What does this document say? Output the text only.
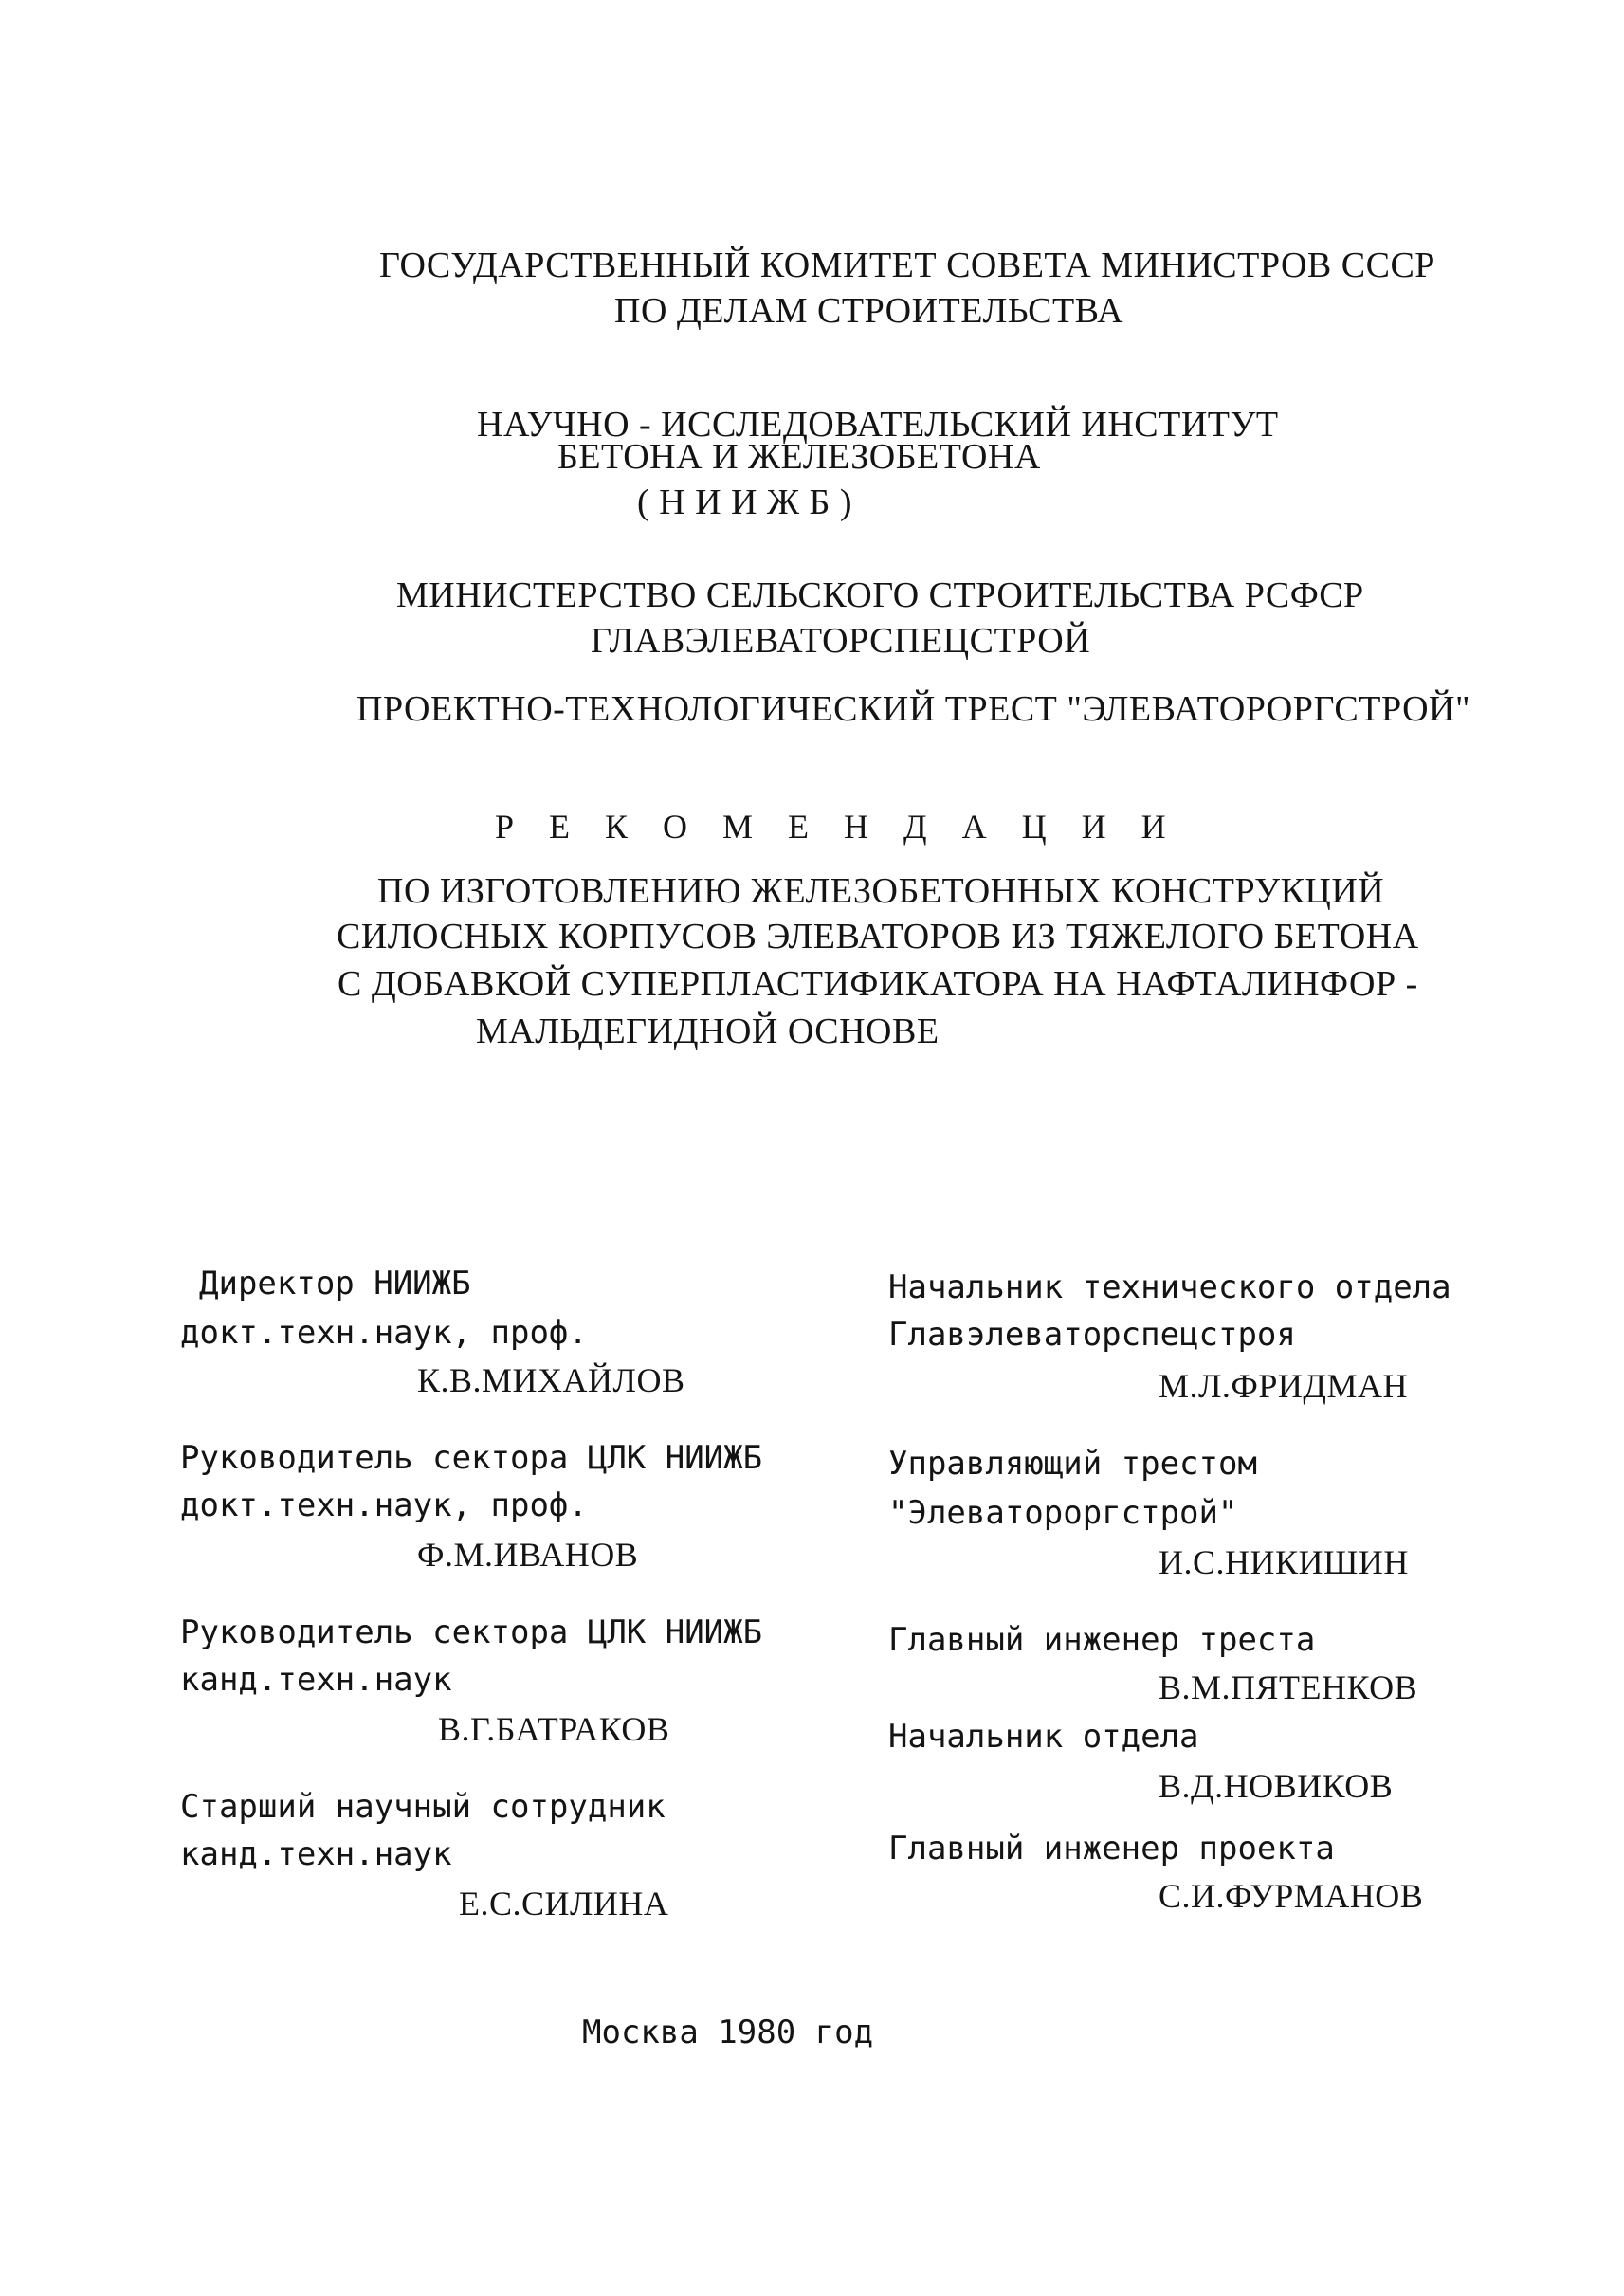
ГОСУДАРСТВЕННЫЙ КОМИТЕТ СОВЕТА МИНИСТРОВ СССР
ПО ДЕЛАМ СТРОИТЕЛЬСТВА
НАУЧНО - ИССЛЕДОВАТЕЛЬСКИЙ ИНСТИТУТ
БЕТОНА И ЖЕЛЕЗОБЕТОНА
( Н И И Ж Б )
МИНИСТЕРСТВО СЕЛЬСКОГО СТРОИТЕЛЬСТВА РСФСР
ГЛАВЭЛЕВАТОРСПЕЦСТРОЙ
ПРОЕКТНО-ТЕХНОЛОГИЧЕСКИЙ ТРЕСТ "ЭЛЕВАТОРОРГСТРОЙ"
Р Е К О М Е Н Д А Ц И И
ПО ИЗГОТОВЛЕНИЮ ЖЕЛЕЗОБЕТОННЫХ КОНСТРУКЦИЙ
СИЛОСНЫХ КОРПУСОВ ЭЛЕВАТОРОВ ИЗ ТЯЖЕЛОГО БЕТОНА
С ДОБАВКОЙ СУПЕРПЛАСТИФИКАТОРА НА НАФТАЛИНФОР -
МАЛЬДЕГИДНОЙ ОСНОВЕ
Директор НИИЖБ
докт.техн.наук, проф.
К.В.МИХАЙЛОВ
Руководитель сектора ЦЛК НИИЖБ
докт.техн.наук, проф.
Ф.М.ИВАНОВ
Руководитель сектора ЦЛК НИИЖБ
канд.техн.наук
В.Г.БАТРАКОВ
Старший научный сотрудник
канд.техн.наук
Е.С.СИЛИНА
Начальник технического отдела
Главэлеваторспецстроя
М.Л.ФРИДМАН
Управляющий трестом
"Элеватороргстрой"
И.С.НИКИШИН
Главный инженер треста
В.М.ПЯТЕНКОВ
Начальник отдела
В.Д.НОВИКОВ
Главный инженер проекта
С.И.ФУРМАНОВ
Москва 1980 год
